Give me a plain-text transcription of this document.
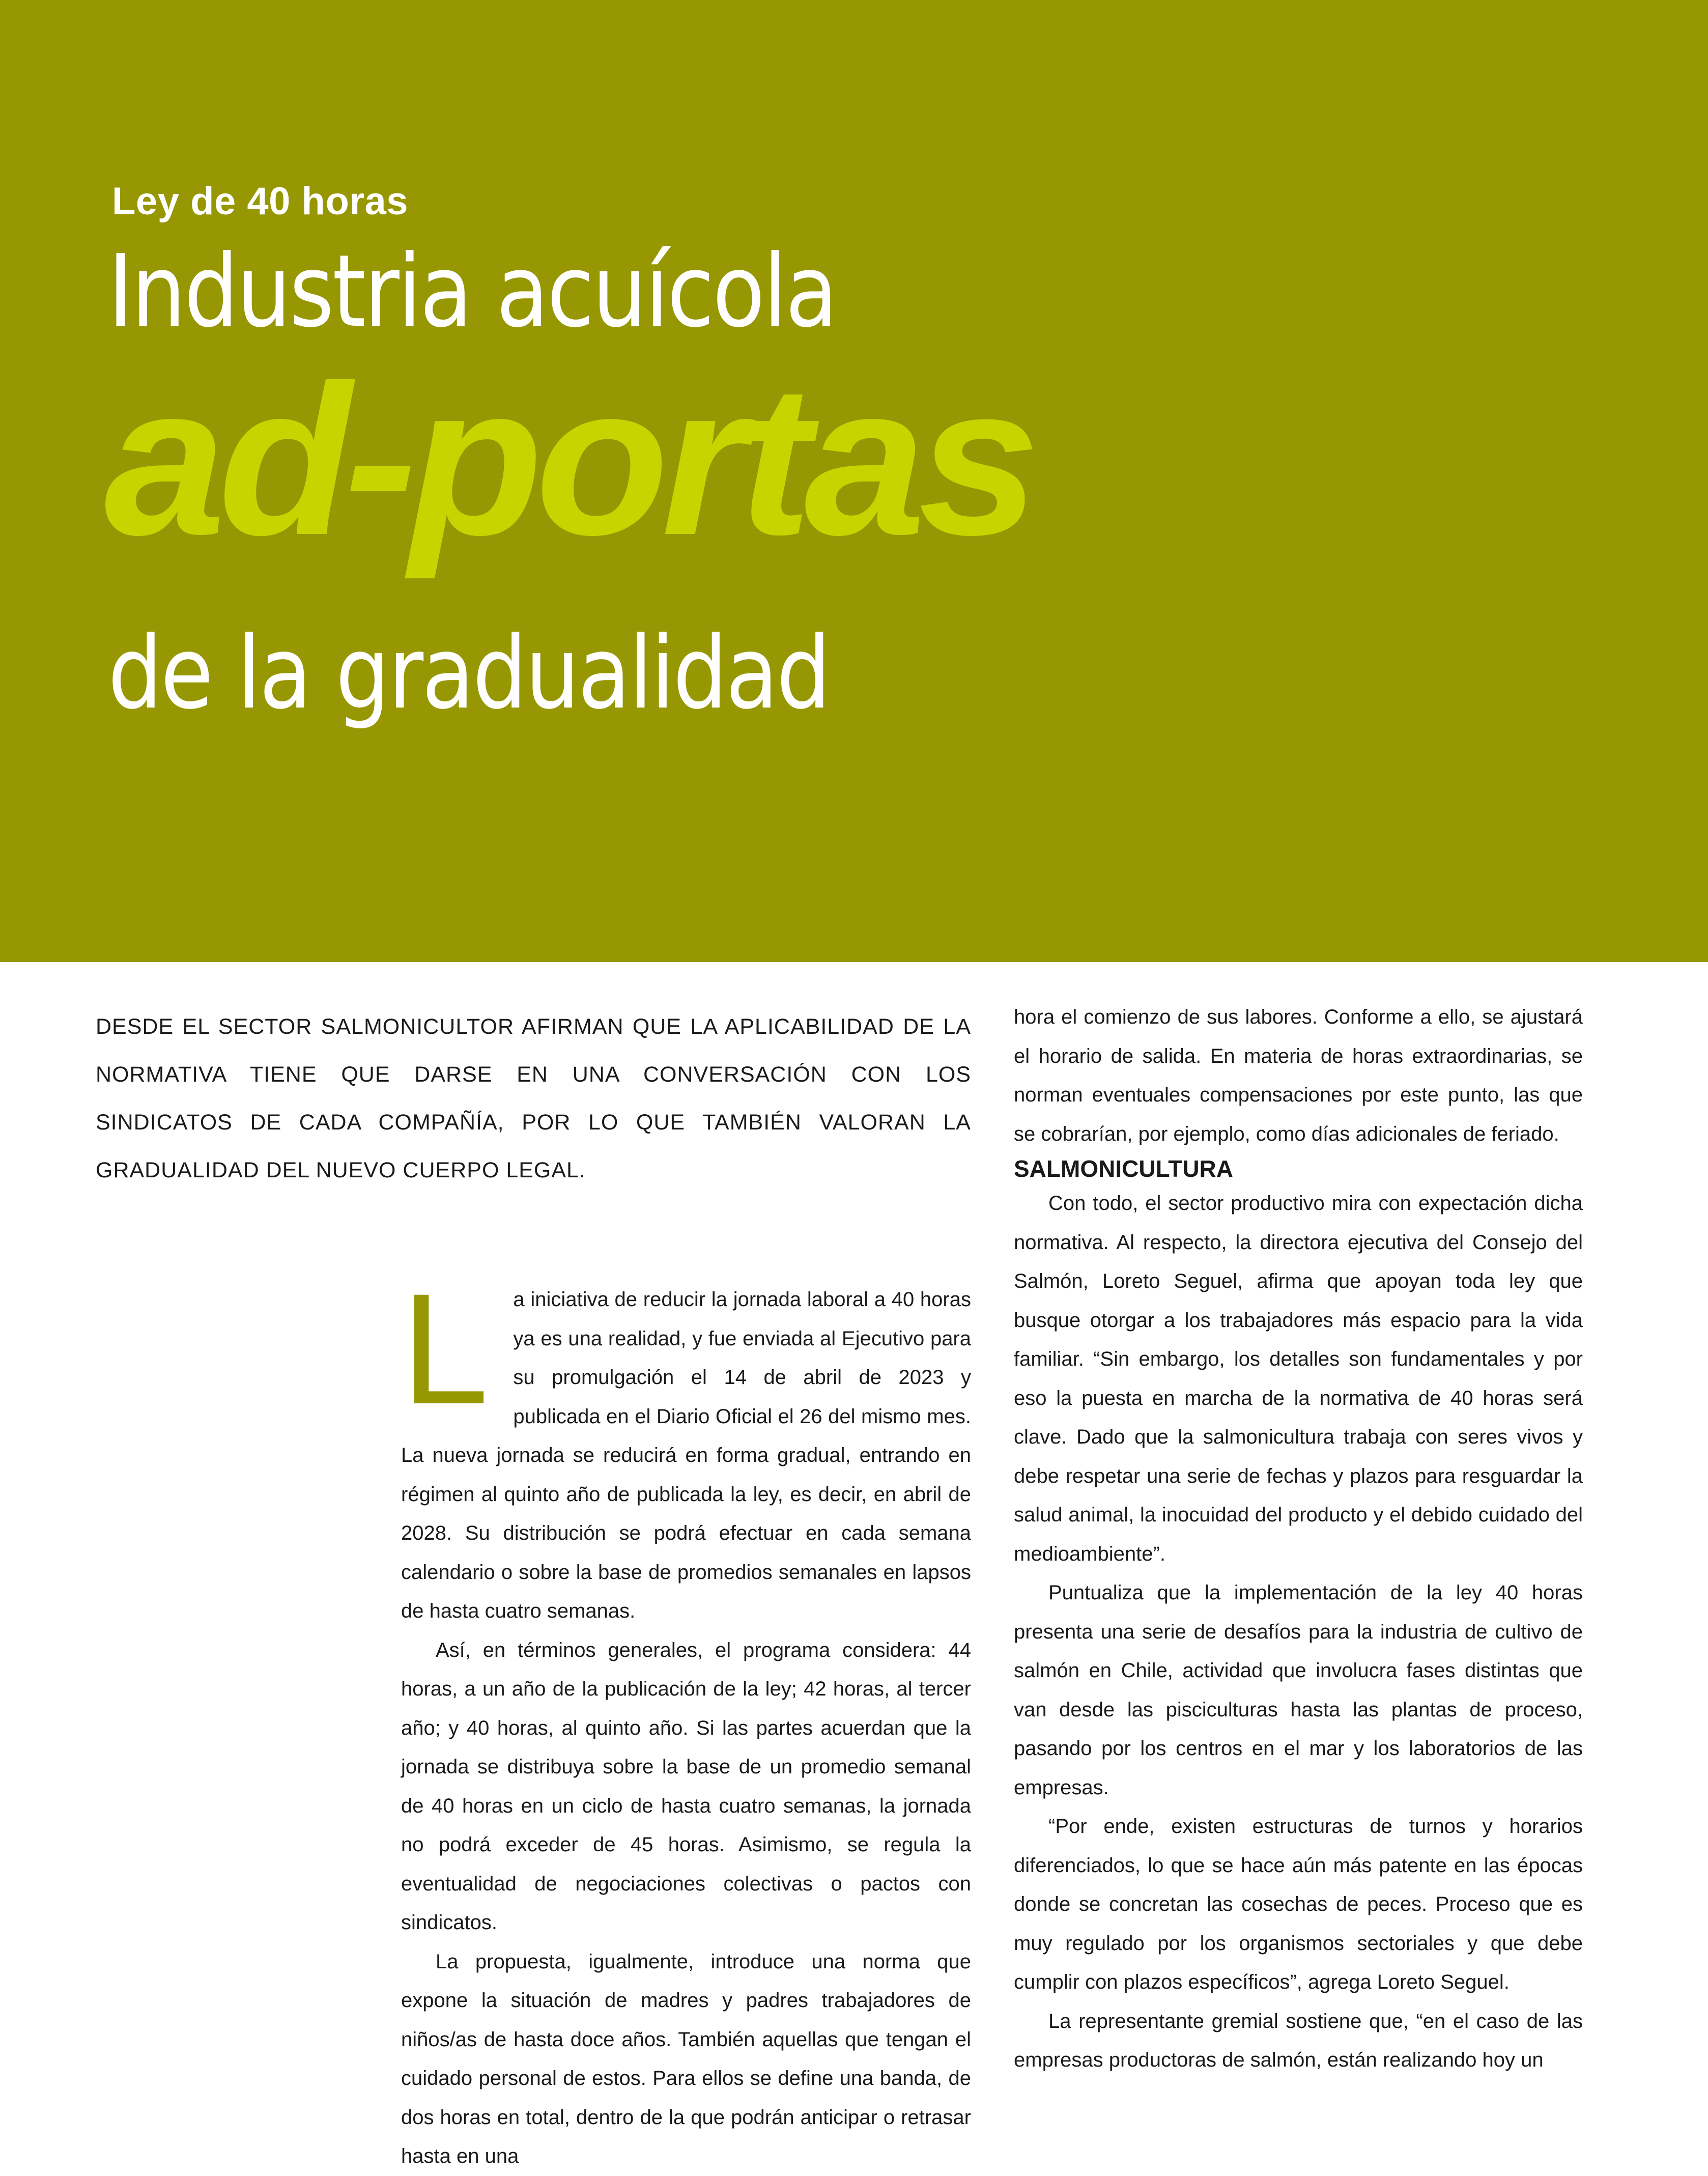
Ley de 40 horas
Industria acuícola
ad-portas
de la gradualidad
DESDE EL SECTOR SALMONICULTOR AFIRMAN QUE LA APLICABILIDAD DE LA NORMATIVA TIENE QUE DARSE EN UNA CONVERSACIÓN CON LOS SINDICATOS DE CADA COMPAÑÍA, POR LO QUE TAMBIÉN VALORAN LA GRADUALIDAD DEL NUEVO CUERPO LEGAL.
L	a iniciativa de reducir la jornada laboral a 40 horas ya es una realidad, y fue enviada al Ejecutivo para su promulgación el 14 de abril de 2023 y publicada en el Diario Oficial el 26 del mismo mes. La nueva jornada se reducirá en forma gradual, entrando en régimen al quinto año de publicada la ley, es decir, en abril de 2028. Su distribución se podrá efectuar en cada semana calendario o sobre la base de promedios semanales en lapsos de hasta cuatro semanas.

Así, en términos generales, el programa considera: 44 horas, a un año de la publicación de la ley; 42 horas, al tercer año; y 40 horas, al quinto año. Si las partes acuerdan que la jornada se distribuya sobre la base de un promedio semanal de 40 horas en un ciclo de hasta cuatro semanas, la jornada no podrá exceder de 45 horas. Asimismo, se regula la eventualidad de negociaciones colectivas o pactos con sindicatos.

La propuesta, igualmente, introduce una norma que expone la situación de madres y padres trabajadores de niños/as de hasta doce años. También aquellas que tengan el cuidado personal de estos. Para ellos se define una banda, de dos horas en total, dentro de la que podrán anticipar o retrasar hasta en una

hora el comienzo de sus labores. Conforme a ello, se ajustará el horario de salida. En materia de horas extraordinarias, se norman eventuales compensaciones por este punto, las que se cobrarían, por ejemplo, como días adicionales de feriado.

SALMONICULTURA

Con todo, el sector productivo mira con expectación dicha normativa. Al respecto, la directora ejecutiva del Consejo del Salmón, Loreto Seguel, afirma que apoyan toda ley que busque otorgar a los trabajadores más espacio para la vida familiar. “Sin embargo, los detalles son fundamentales y por eso la puesta en marcha de la normativa de 40 horas será clave. Dado que la salmonicultura trabaja con seres vivos y debe respetar una serie de fechas y plazos para resguardar la salud animal, la inocuidad del producto y el debido cuidado del medioambiente”.

Puntualiza que la implementación de la ley 40 horas presenta una serie de desafíos para la industria de cultivo de salmón en Chile, actividad que involucra fases distintas que van desde las pisciculturas hasta las plantas de proceso, pasando por los centros en el mar y los laboratorios de las empresas.

“Por ende, existen estructuras de turnos y horarios diferenciados, lo que se hace aún más patente en las épocas donde se concretan las cosechas de peces. Proceso que es muy regulado por los organismos sectoriales y que debe cumplir con plazos específicos”, agrega Loreto Seguel.

La representante gremial sostiene que, “en el caso de las empresas productoras de salmón, están realizando hoy un
